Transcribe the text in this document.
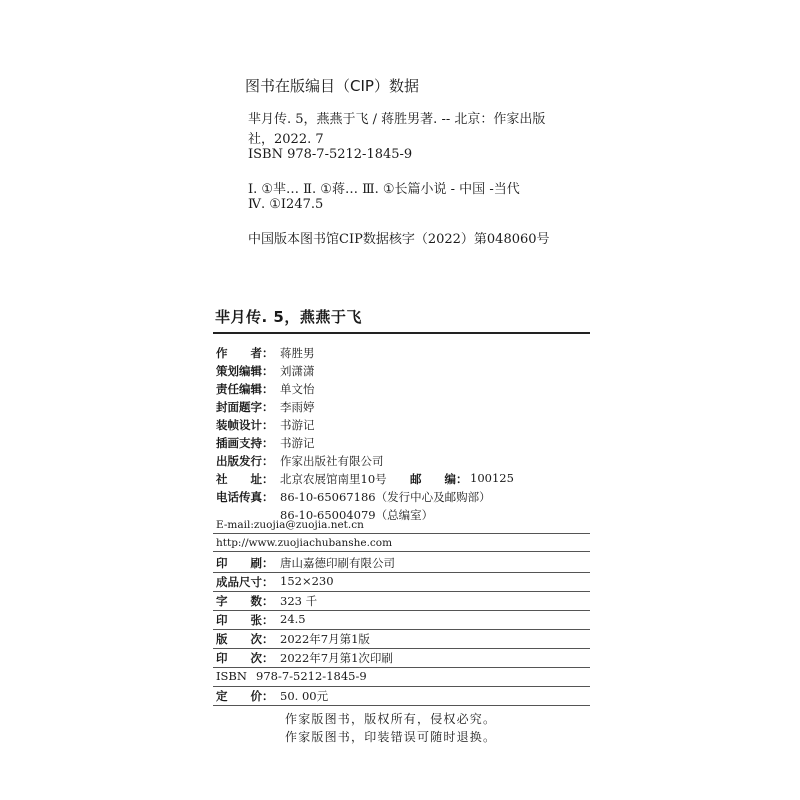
图书在版编目（CIP）数据
芈月传. 5，燕燕于飞 / 蒋胜男著. -- 北京：作家出版
社，2022. 7
ISBN 978-7-5212-1845-9
Ⅰ. ①芈… Ⅱ. ①蒋… Ⅲ. ①长篇小说 - 中国 -当代
Ⅳ. ①I247.5
中国版本图书馆CIP数据核字（2022）第048060号
芈月传. 5，燕燕于飞
作　　者： 蒋胜男
策划编辑： 刘潇潇
责任编辑： 单文怡
封面题字： 李雨婷
装帧设计： 书游记
插画支持： 书游记
出版发行： 作家出版社有限公司
社　　址： 北京农展馆南里10号 邮　　编： 100125
电话传真： 86-10-65067186（发行中心及邮购部）
86-10-65004079（总编室）
E-mail:zuojia@zuojia.net.cn
http://www.zuojiachubanshe.com
印　　刷： 唐山嘉德印刷有限公司
成品尺寸： 152×230
字　　数： 323 千
印　　张： 24.5
版　　次： 2022年7月第1版
印　　次： 2022年7月第1次印刷
ISBN 978-7-5212-1845-9
定　　价： 50. 00元
作家版图书，版权所有，侵权必究。
作家版图书，印装错误可随时退换。
